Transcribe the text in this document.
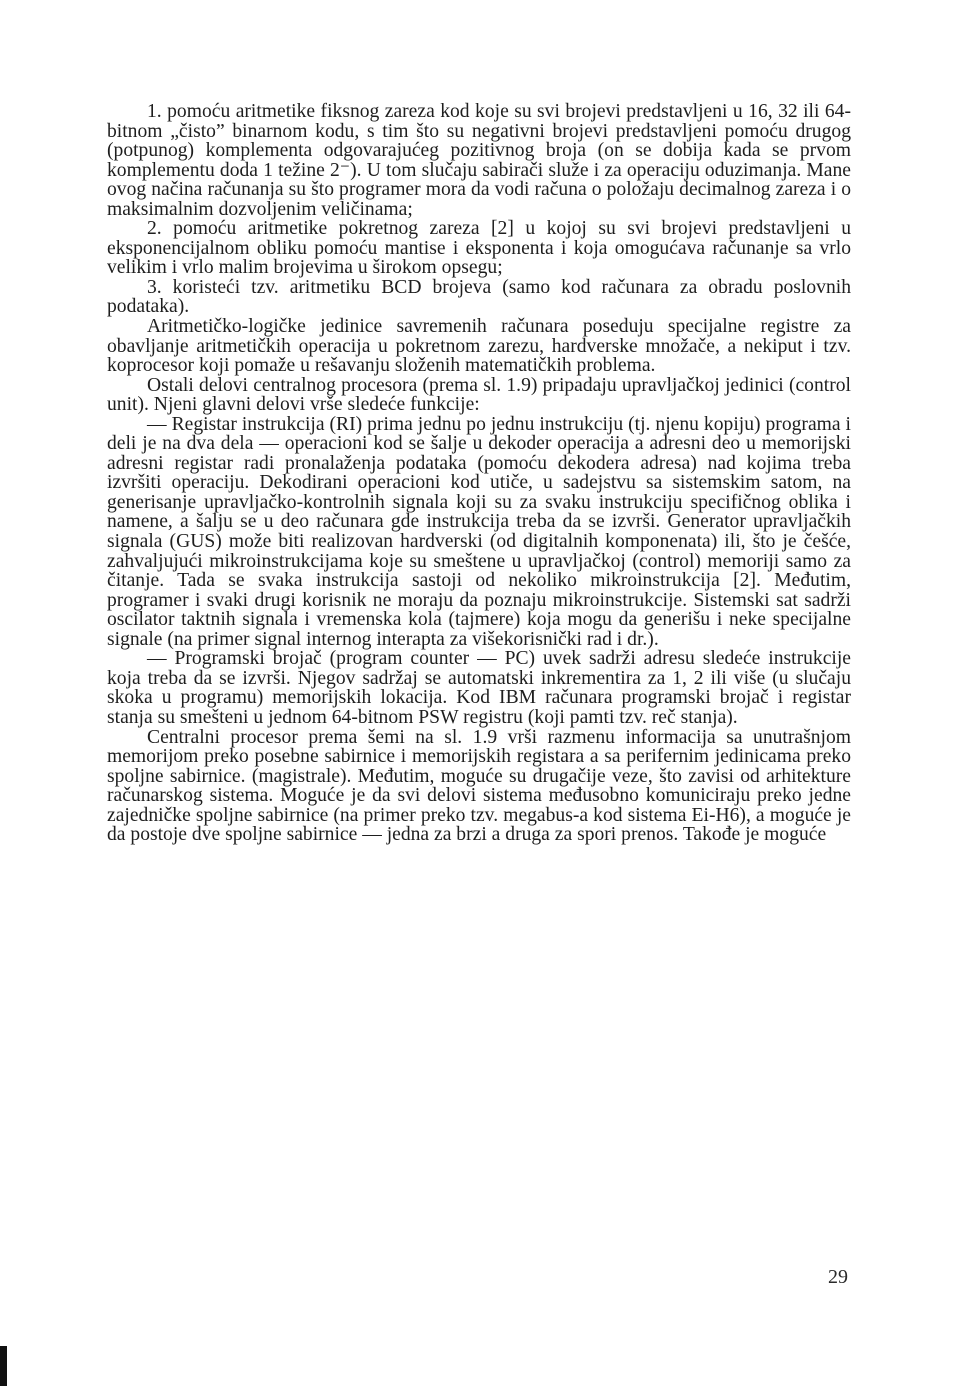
1. pomoću aritmetike fiksnog zareza kod koje su svi brojevi predstavljeni u 16, 32 ili 64-bitnom „čisto” binarnom kodu, s tim što su negativni brojevi predstavljeni pomoću drugog (potpunog) komplementa odgovarajućeg pozitivnog broja (on se dobija kada se prvom komplementu doda 1 težine 2⁻). U tom slučaju sabirači služe i za operaciju oduzimanja. Mane ovog načina računanja su što programer mora da vodi računa o položaju decimalnog zareza i o maksimalnim dozvoljenim veličinama;

2. pomoću aritmetike pokretnog zareza [2] u kojoj su svi brojevi predstavljeni u eksponencijalnom obliku pomoću mantise i eksponenta i koja omogućava računanje sa vrlo velikim i vrlo malim brojevima u širokom opsegu;

3. koristeći tzv. aritmetiku BCD brojeva (samo kod računara za obradu poslovnih podataka).

Aritmetičko-logičke jedinice savremenih računara poseduju specijalne registre za obavljanje aritmetičkih operacija u pokretnom zarezu, hardverske množače, a nekiput i tzv. koprocesor koji pomaže u rešavanju složenih matematičkih problema.

Ostali delovi centralnog procesora (prema sl. 1.9) pripadaju upravljačkoj jedinici (control unit). Njeni glavni delovi vrše sledeće funkcije:

— Registar instrukcija (RI) prima jednu po jednu instrukciju (tj. njenu kopiju) programa i deli je na dva dela — operacioni kod se šalje u dekoder operacija a adresni deo u memorijski adresni registar radi pronalaženja podataka (pomoću dekodera adresa) nad kojima treba izvršiti operaciju. Dekodirani operacioni kod utiče, u sadejstvu sa sistemskim satom, na generisanje upravljačko-kontrolnih signala koji su za svaku instrukciju specifičnog oblika i namene, a šalju se u deo računara gde instrukcija treba da se izvrši. Generator upravljačkih signala (GUS) može biti realizovan hardverski (od digitalnih komponenata) ili, što je češće, zahvaljujući mikroinstrukcijama koje su smeštene u upravljačkoj (control) memoriji samo za čitanje. Tada se svaka instrukcija sastoji od nekoliko mikroinstrukcija [2]. Međutim, programer i svaki drugi korisnik ne moraju da poznaju mikroinstrukcije. Sistemski sat sadrži oscilator taktnih signala i vremenska kola (tajmere) koja mogu da generišu i neke specijalne signale (na primer signal internog interapta za višekorisnički rad i dr.).

— Programski brojač (program counter — PC) uvek sadrži adresu sledeće instrukcije koja treba da se izvrši. Njegov sadržaj se automatski inkrementira za 1, 2 ili više (u slučaju skoka u programu) memorijskih lokacija. Kod IBM računara programski brojač i registar stanja su smešteni u jednom 64-bitnom PSW registru (koji pamti tzv. reč stanja).

Centralni procesor prema šemi na sl. 1.9 vrši razmenu informacija sa unutrašnjom memorijom preko posebne sabirnice i memorijskih registara a sa perifernim jedinicama preko spoljne sabirnice. (magistrale). Međutim, moguće su drugačije veze, što zavisi od arhitekture računarskog sistema. Moguće je da svi delovi sistema međusobno komuniciraju preko jedne zajedničke spoljne sabirnice (na primer preko tzv. megabus-a kod sistema Ei-H6), a moguće je da postoje dve spoljne sabirnice — jedna za brzi a druga za spori prenos. Takođe je moguće

29
